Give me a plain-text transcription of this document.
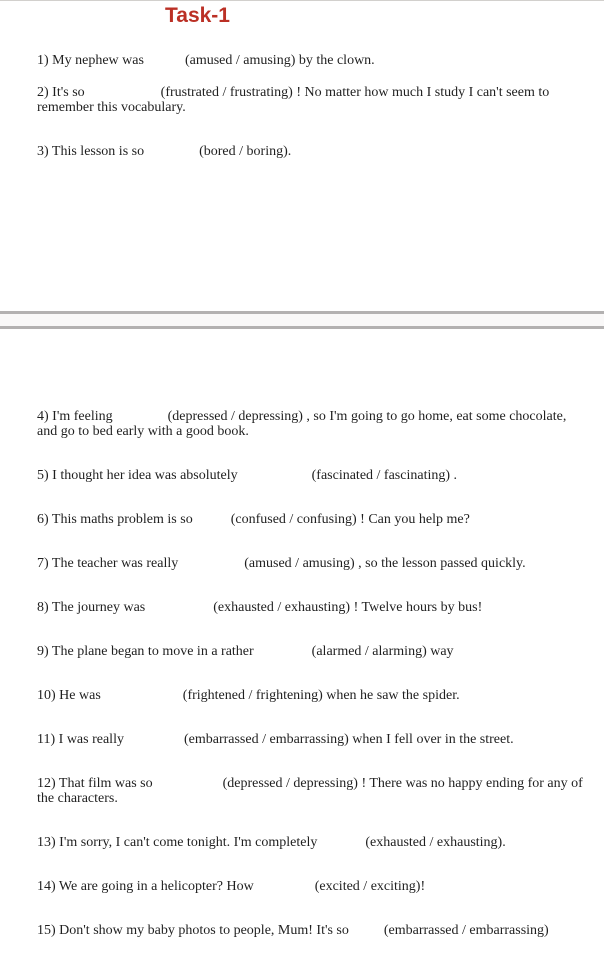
Task-1

1) My nephew was	(amused / amusing) by the clown.

2) It's so	(frustrated / frustrating) ! No matter how much I study I can't seem to
remember this vocabulary.

3) This lesson is so	(bored / boring).

4) I'm feeling	(depressed / depressing) , so I'm going to go home, eat some chocolate,
and go to bed early with a good book.

5) I thought her idea was absolutely	(fascinated / fascinating) .

6) This maths problem is so	(confused / confusing) ! Can you help me?

7) The teacher was really	(amused / amusing) , so the lesson passed quickly.

8) The journey was	(exhausted / exhausting) ! Twelve hours by bus!

9) The plane began to move in a rather	(alarmed / alarming) way

10) He was	(frightened / frightening) when he saw the spider.

11) I was really	(embarrassed / embarrassing) when I fell over in the street.

12) That film was so	(depressed / depressing) ! There was no happy ending for any of
the characters.

13) I'm sorry, I can't come tonight. I'm completely	(exhausted / exhausting).

14) We are going in a helicopter? How	(excited / exciting)!

15) Don't show my baby photos to people, Mum! It's so	(embarrassed / embarrassing)
